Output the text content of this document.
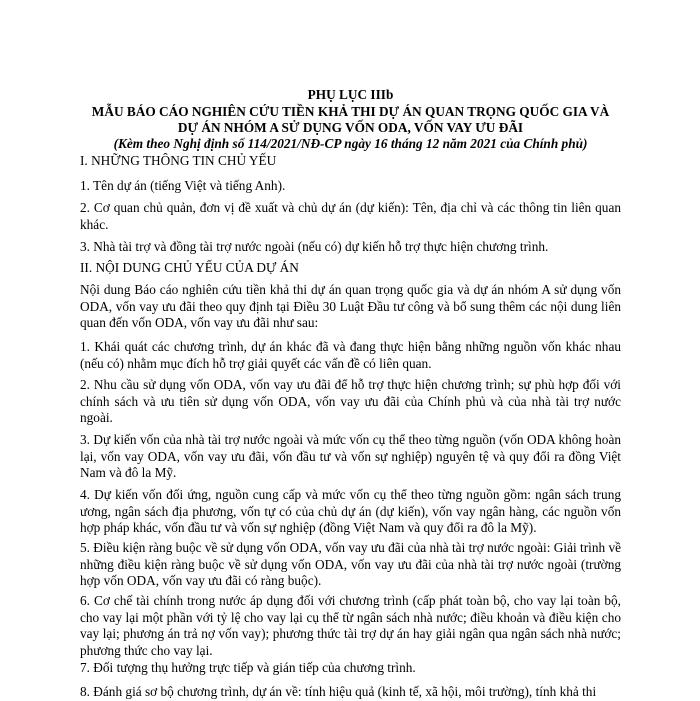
PHỤ LỤC IIIb
MẪU BÁO CÁO NGHIÊN CỨU TIỀN KHẢ THI DỰ ÁN QUAN TRỌNG QUỐC GIA VÀ
DỰ ÁN NHÓM A SỬ DỤNG VỐN ODA, VỐN VAY ƯU ĐÃI
(Kèm theo Nghị định số 114/2021/NĐ-CP ngày 16 tháng 12 năm 2021 của Chính phủ)

I. NHỮNG THÔNG TIN CHỦ YẾU

1. Tên dự án (tiếng Việt và tiếng Anh).

2. Cơ quan chủ quản, đơn vị đề xuất và chủ dự án (dự kiến): Tên, địa chỉ và các thông tin liên quan khác.

3. Nhà tài trợ và đồng tài trợ nước ngoài (nếu có) dự kiến hỗ trợ thực hiện chương trình.

II. NỘI DUNG CHỦ YẾU CỦA DỰ ÁN

Nội dung Báo cáo nghiên cứu tiền khả thi dự án quan trọng quốc gia và dự án nhóm A sử dụng vốn ODA, vốn vay ưu đãi theo quy định tại Điều 30 Luật Đầu tư công và bổ sung thêm các nội dung liên quan đến vốn ODA, vốn vay ưu đãi như sau:

1. Khái quát các chương trình, dự án khác đã và đang thực hiện bằng những nguồn vốn khác nhau (nếu có) nhằm mục đích hỗ trợ giải quyết các vấn đề có liên quan.

2. Nhu cầu sử dụng vốn ODA, vốn vay ưu đãi để hỗ trợ thực hiện chương trình; sự phù hợp đối với chính sách và ưu tiên sử dụng vốn ODA, vốn vay ưu đãi của Chính phủ và của nhà tài trợ nước ngoài.

3. Dự kiến vốn của nhà tài trợ nước ngoài và mức vốn cụ thể theo từng nguồn (vốn ODA không hoàn lại, vốn vay ODA, vốn vay ưu đãi, vốn đầu tư và vốn sự nghiệp) nguyên tệ và quy đổi ra đồng Việt Nam và đô la Mỹ.

4. Dự kiến vốn đối ứng, nguồn cung cấp và mức vốn cụ thể theo từng nguồn gồm: ngân sách trung ương, ngân sách địa phương, vốn tự có của chủ dự án (dự kiến), vốn vay ngân hàng, các nguồn vốn hợp pháp khác, vốn đầu tư và vốn sự nghiệp (đồng Việt Nam và quy đổi ra đô la Mỹ).

5. Điều kiện ràng buộc về sử dụng vốn ODA, vốn vay ưu đãi của nhà tài trợ nước ngoài: Giải trình về những điều kiện ràng buộc về sử dụng vốn ODA, vốn vay ưu đãi của nhà tài trợ nước ngoài (trường hợp vốn ODA, vốn vay ưu đãi có ràng buộc).

6. Cơ chế tài chính trong nước áp dụng đối với chương trình (cấp phát toàn bộ, cho vay lại toàn bộ, cho vay lại một phần với tỷ lệ cho vay lại cụ thể từ ngân sách nhà nước; điều khoản và điều kiện cho vay lại; phương án trả nợ vốn vay); phương thức tài trợ dự án hay giải ngân qua ngân sách nhà nước; phương thức cho vay lại.

7. Đối tượng thụ hưởng trực tiếp và gián tiếp của chương trình.

8. Đánh giá sơ bộ chương trình, dự án về: tính hiệu quả (kinh tế, xã hội, môi trường), tính khả thi
